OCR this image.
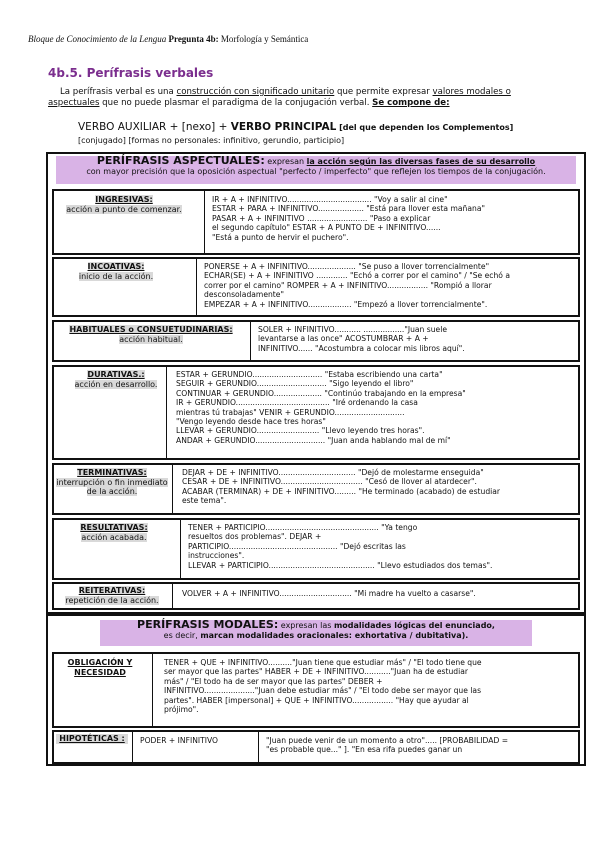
Bloque de Conocimiento de la Lengua Pregunta 4b: Morfología y Semántica
4b.5. Perífrasis verbales
La perífrasis verbal es una construcción con significado unitario que permite expresar valores modales o aspectuales que no puede plasmar el paradigma de la conjugación verbal. Se compone de:
VERBO AUXILIAR + [nexo] + VERBO PRINCIPAL [del que dependen los Complementos] [conjugado] [formas no personales: infinitivo, gerundio, participio]
PERÍFRASIS ASPECTUALES: expresan la acción según las diversas fases de su desarrollo
con mayor precisión que la oposición aspectual "perfecto / imperfecto" que reflejen los tiempos de la conjugación.
INGRESIVAS:
acción a punto de comenzar.
IR + A + INFINITIVO................................... "Voy a salir al cine"
ESTAR + PARA + INFINITIVO................... "Está para llover esta mañana"
PASAR + A + INFINITIVO ......................... "Paso a explicar
el segundo capítulo" ESTAR + A PUNTO DE + INFINITIVO......
"Está a punto de hervir el puchero".
INCOATIVAS:
inicio de la acción.
PONERSE + A + INFINITIVO.................... "Se puso a llover torrencialmente"
ECHAR(SE) + A + INFINITIVO ............. "Echó a correr por el camino" / "Se echó a
correr por el camino" ROMPER + A + INFINITIVO................. "Rompió a llorar
desconsoladamente"
EMPEZAR + A + INFINITIVO.................. "Empezó a llover torrencialmente".
HABITUALES o CONSUETUDINARIAS: acción habitual.
SOLER + INFINITIVO........... ................."Juan suele
levantarse a las once" ACOSTUMBRAR + A +
INFINITIVO...... "Acostumbra a colocar mis libros aquí".
DURATIVAS.:
acción en desarrollo.
ESTAR + GERUNDIO............................. "Estaba escribiendo una carta"
SEGUIR + GERUNDIO............................. "Sigo leyendo el libro"
CONTINUAR + GERUNDIO.................... "Continúo trabajando en la empresa"
IR + GERUNDIO....................................... "Iré ordenando la casa
mientras tú trabajas" VENIR + GERUNDIO.............................
"Vengo leyendo desde hace tres horas"
LLEVAR + GERUNDIO.......................... "Llevo leyendo tres horas".
ANDAR + GERUNDIO............................. "Juan anda hablando mal de mí"
TERMINATIVAS:
interrupción o fin inmediato de la acción.
DEJAR + DE + INFINITIVO................................ "Dejó de molestarme enseguida"
CESAR + DE + INFINITIVO.................................. "Cesó de llover al atardecer".
ACABAR (TERMINAR) + DE + INFINITIVO......... "He terminado (acabado) de estudiar
este tema".
RESULTATIVAS:
acción acabada.
TENER + PARTICIPIO............................................... "Ya tengo
resueltos dos problemas". DEJAR +
PARTICIPIO............................................. "Dejó escritas las
instrucciones".
LLEVAR + PARTICIPIO............................................ "Llevo estudiados dos temas".
REITERATIVAS:
repetición de la acción.
VOLVER + A + INFINITIVO.............................. "Mi madre ha vuelto a casarse".
PERÍFRASIS MODALES: expresan las modalidades lógicas del enunciado,
es decir, marcan modalidades oracionales: exhortativa / dubitativa).
OBLIGACIÓN Y NECESIDAD
TENER + QUE + INFINITIVO.........."Juan tiene que estudiar más" / "El todo tiene que
ser mayor que las partes" HABER + DE + INFINITIVO..........."Juan ha de estudiar
más" / "El todo ha de ser mayor que las partes" DEBER +
INFINITIVO....................."Juan debe estudiar más" / "El todo debe ser mayor que las
partes". HABER [impersonal] + QUE + INFINITIVO................. "Hay que ayudar al
prójimo".
HIPOTÉTICAS :	PODER + INFINITIVO	"Juan puede venir de un momento a otro"..... [PROBABILIDAD =
"es probable que..." ]. "En esa rifa puedes ganar un
